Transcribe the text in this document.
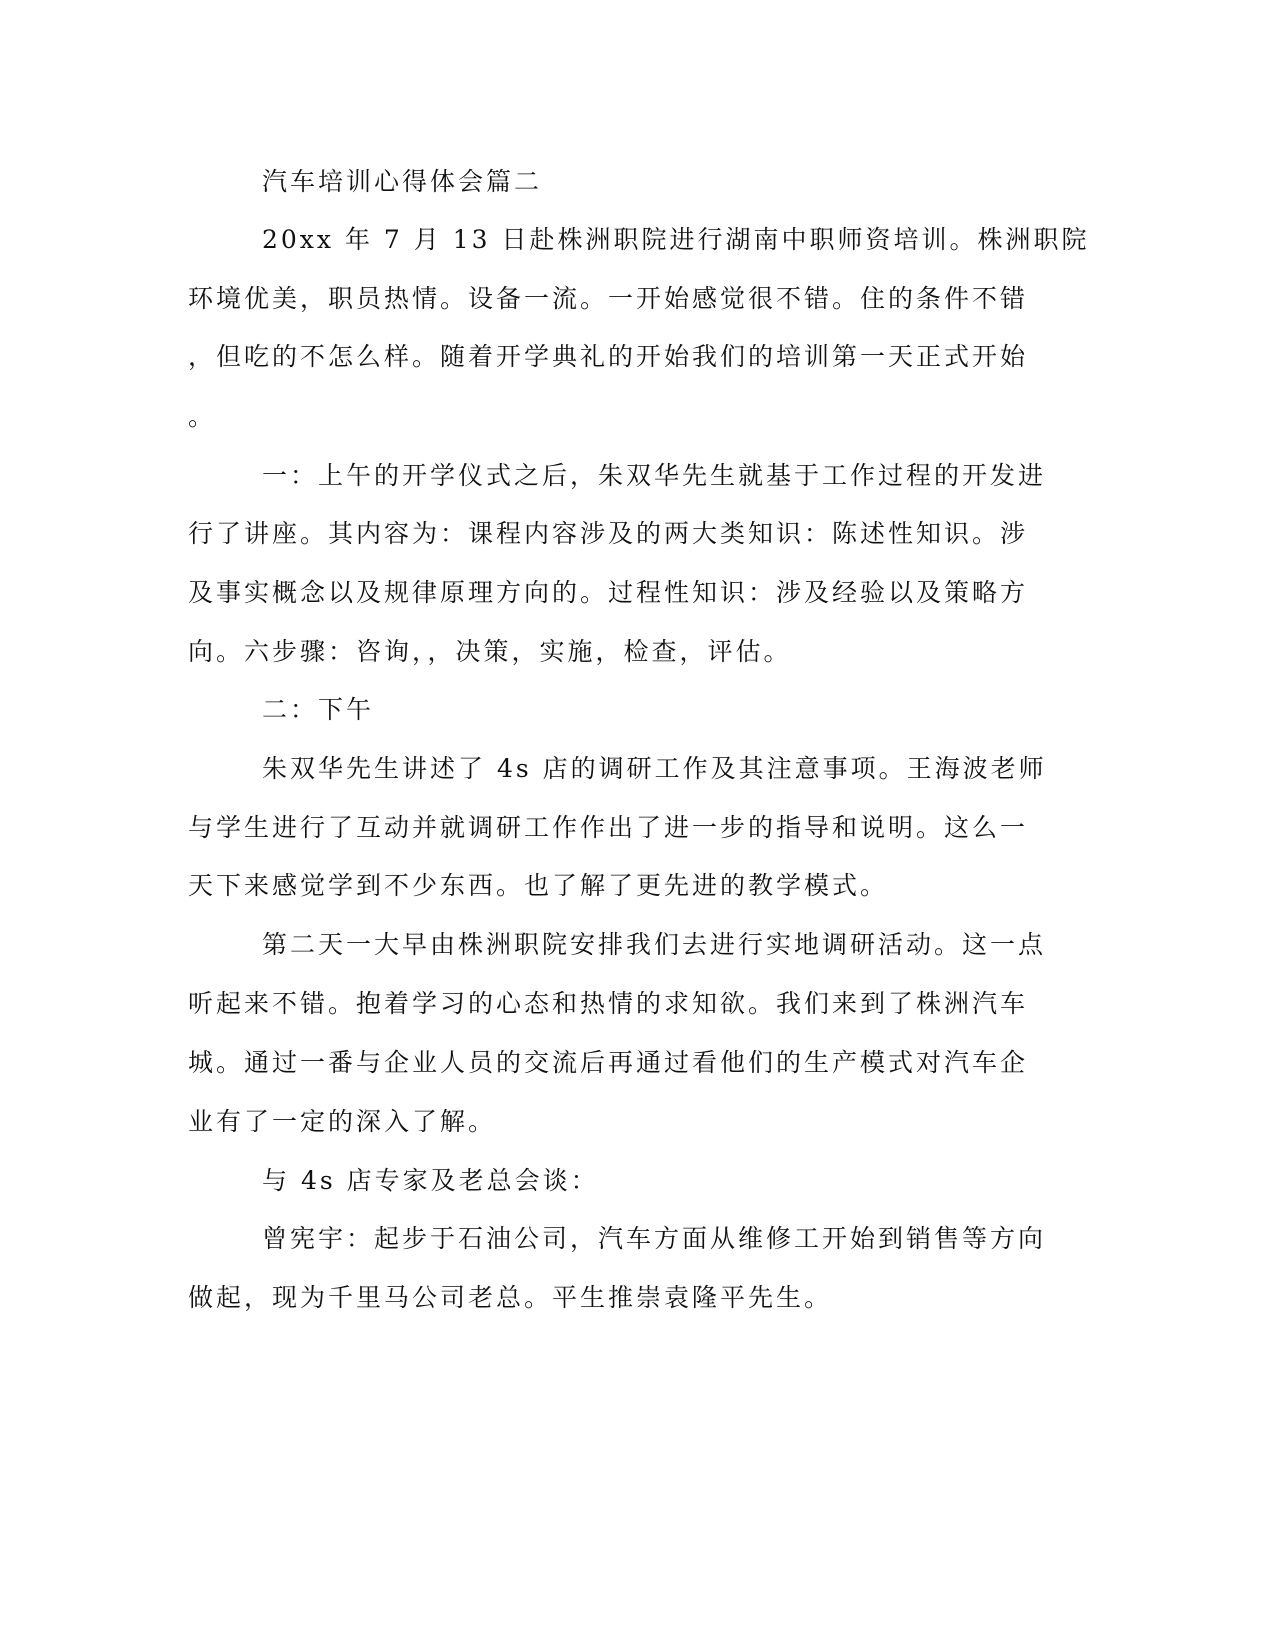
汽车培训心得体会篇二
20xx 年 7 月 13 日赴株洲职院进行湖南中职师资培训。株洲职院
环境优美，职员热情。设备一流。一开始感觉很不错。住的条件不错
，但吃的不怎么样。随着开学典礼的开始我们的培训第一天正式开始
。
一：上午的开学仪式之后，朱双华先生就基于工作过程的开发进
行了讲座。其内容为：课程内容涉及的两大类知识：陈述性知识。涉
及事实概念以及规律原理方向的。过程性知识：涉及经验以及策略方
向。六步骤：咨询，，决策，实施，检查，评估。
二：下午
朱双华先生讲述了 4s 店的调研工作及其注意事项。王海波老师
与学生进行了互动并就调研工作作出了进一步的指导和说明。这么一
天下来感觉学到不少东西。也了解了更先进的教学模式。
第二天一大早由株洲职院安排我们去进行实地调研活动。这一点
听起来不错。抱着学习的心态和热情的求知欲。我们来到了株洲汽车
城。通过一番与企业人员的交流后再通过看他们的生产模式对汽车企
业有了一定的深入了解。
与 4s 店专家及老总会谈：
曾宪宇：起步于石油公司，汽车方面从维修工开始到销售等方向
做起，现为千里马公司老总。平生推崇袁隆平先生。
